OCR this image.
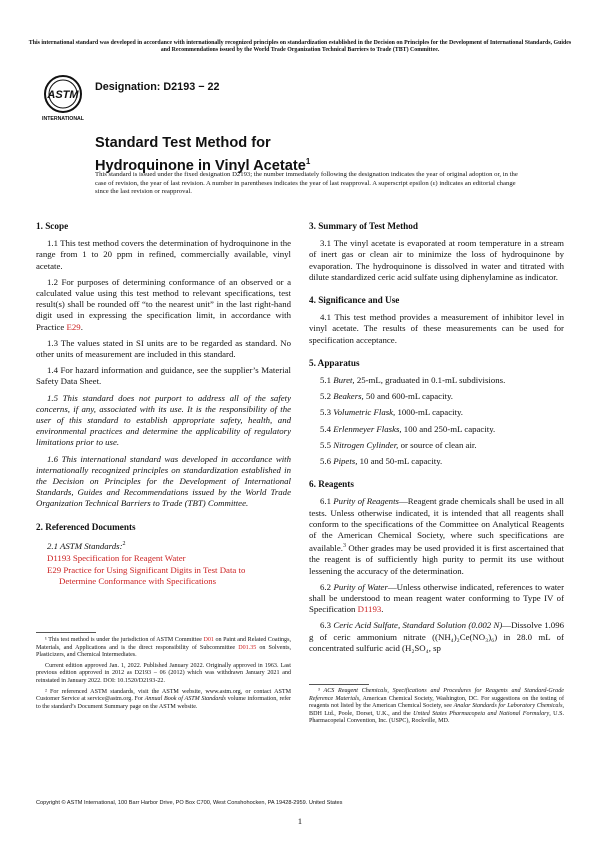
This international standard was developed in accordance with internationally recognized principles on standardization established in the Decision on Principles for the Development of International Standards, Guides and Recommendations issued by the World Trade Organization Technical Barriers to Trade (TBT) Committee.
ASTM
INTERNATIONAL
Designation: D2193 − 22
Standard Test Method for
Hydroquinone in Vinyl Acetate$^1$
This standard is issued under the fixed designation D2193; the number immediately following the designation indicates the year of original adoption or, in the case of revision, the year of last revision. A number in parentheses indicates the year of last reapproval. A superscript epsilon (ε) indicates an editorial change since the last revision or reapproval.
1. Scope

1.1 This test method covers the determination of hydroquinone in the range from 1 to 20 ppm in refined, commercially available, vinyl acetate.

1.2 For purposes of determining conformance of an observed or a calculated value using this test method to relevant specifications, test result(s) shall be rounded off “to the nearest unit” in the last right-hand digit used in expressing the specification limit, in accordance with Practice E29.

1.3 The values stated in SI units are to be regarded as standard. No other units of measurement are included in this standard.

1.4 For hazard information and guidance, see the supplier’s Material Safety Data Sheet.

1.5 This standard does not purport to address all of the safety concerns, if any, associated with its use. It is the responsibility of the user of this standard to establish appropriate safety, health, and environmental practices and determine the applicability of regulatory limitations prior to use.

1.6 This international standard was developed in accordance with internationally recognized principles on standardization established in the Decision on Principles for the Development of International Standards, Guides and Recommendations issued by the World Trade Organization Technical Barriers to Trade (TBT) Committee.

2. Referenced Documents

2.1 ASTM Standards:$^2$

D1193 Specification for Reagent Water
E29 Practice for Using Significant Digits in Test Data to
Determine Conformance with Specifications
3. Summary of Test Method

3.1 The vinyl acetate is evaporated at room temperature in a stream of inert gas or clean air to minimize the loss of hydroquinone by evaporation. The hydroquinone is dissolved in water and titrated with dilute standardized ceric acid sulfate using diphenylamine as indicator.

4. Significance and Use

4.1 This test method provides a measurement of inhibitor level in vinyl acetate. The results of these measurements can be used for specification acceptance.

5. Apparatus
5.1 Buret, 25-mL, graduated in 0.1-mL subdivisions.
5.2 Beakers, 50 and 600-mL capacity.
5.3 Volumetric Flask, 1000-mL capacity.
5.4 Erlenmeyer Flasks, 100 and 250-mL capacity.
5.5 Nitrogen Cylinder, or source of clean air.
5.6 Pipets, 10 and 50-mL capacity.
6. Reagents

6.1 Purity of Reagents—Reagent grade chemicals shall be used in all tests. Unless otherwise indicated, it is intended that all reagents shall conform to the specifications of the Committee on Analytical Reagents of the American Chemical Society, where such specifications are available.$^3$ Other grades may be used provided it is first ascertained that the reagent is of sufficiently high purity to permit its use without lessening the accuracy of the determination.

6.2 Purity of Water—Unless otherwise indicated, references to water shall be understood to mean reagent water conforming to Type IV of Specification D1193.

6.3 Ceric Acid Sulfate, Standard Solution (0.002 N)—Dissolve 1.096 g of ceric ammonium nitrate ((NH₄)₂Ce(NO₃)₆) in 28.0 mL of concentrated sulfuric acid (H₂SO₄, sp

¹ This test method is under the jurisdiction of ASTM Committee D01 on Paint and Related Coatings, Materials, and Applications and is the direct responsibility of Subcommittee D01.35 on Solvents, Plasticizers, and Chemical Intermediates.

Current edition approved Jan. 1, 2022. Published January 2022. Originally approved in 1963. Last previous edition approved in 2012 as D2193 – 06 (2012) which was withdrawn January 2021 and reinstated in January 2022. DOI: 10.1520/D2193-22.

² For referenced ASTM standards, visit the ASTM website, www.astm.org, or contact ASTM Customer Service at service@astm.org. For Annual Book of ASTM Standards volume information, refer to the standard’s Document Summary page on the ASTM website.

³ ACS Reagent Chemicals, Specifications and Procedures for Reagents and Standard-Grade Reference Materials, American Chemical Society, Washington, DC. For suggestions on the testing of reagents not listed by the American Chemical Society, see Analar Standards for Laboratory Chemicals, BDH Ltd., Poole, Dorset, U.K., and the United States Pharmacopeia and National Formulary, U.S. Pharmacopeial Convention, Inc. (USPC), Rockville, MD.

Copyright © ASTM International, 100 Barr Harbor Drive, PO Box C700, West Conshohocken, PA 19428-2959. United States
1
